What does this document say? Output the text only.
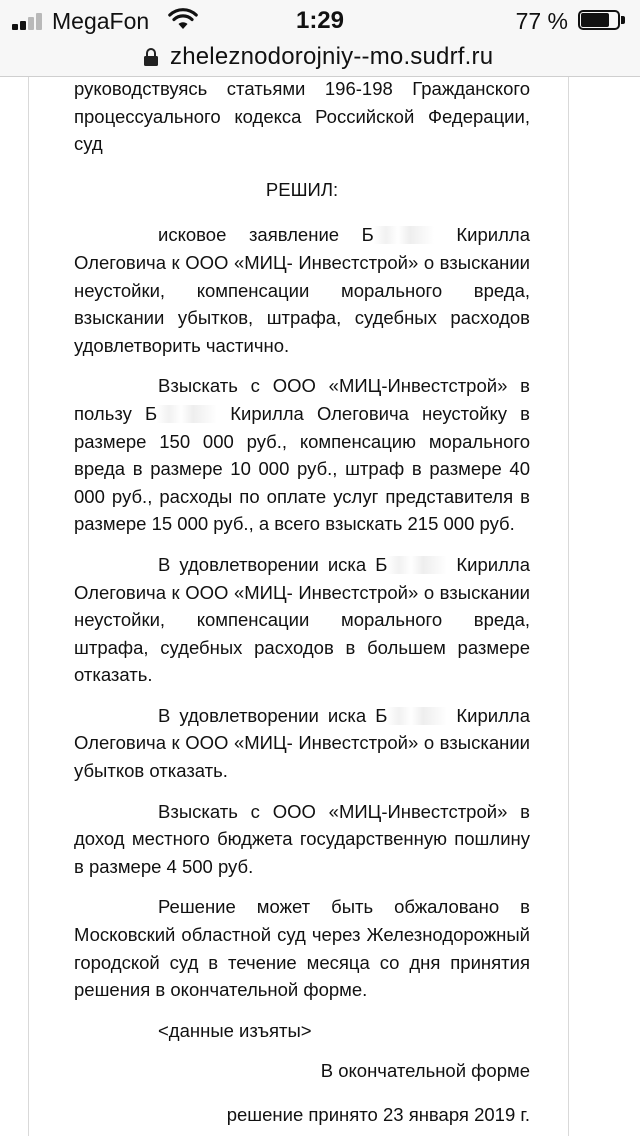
MegaFon	1:29	77 %
zheleznodorojniy--mo.sudrf.ru

руководствуясь статьями 196-198 Гражданского процессуального кодекса Российской Федерации, суд

РЕШИЛ:

исковое заявление Б	Кирилла Олеговича к ООО «МИЦ- Инвестстрой» о взыскании неустойки, компенсации морального вреда, взыскании убытков, штрафа, судебных расходов удовлетворить частично.

Взыскать с ООО «МИЦ-Инвестстрой» в пользу Б	Кирилла Олеговича неустойку в размере 150 000 руб., компенсацию морального вреда в размере 10 000 руб., штраф в размере 40 000 руб., расходы по оплате услуг представителя в размере 15 000 руб., а всего взыскать 215 000 руб.

В удовлетворении иска Б	Кирилла Олеговича к ООО «МИЦ- Инвестстрой» о взыскании неустойки, компенсации морального вреда, штрафа, судебных расходов в большем размере отказать.

В удовлетворении иска Б	Кирилла Олеговича к ООО «МИЦ- Инвестстрой» о взыскании убытков отказать.

Взыскать с ООО «МИЦ-Инвестстрой» в доход местного бюджета государственную пошлину в размере 4 500 руб.

Решение может быть обжаловано в Московский областной суд через Железнодорожный городской суд в течение месяца со дня принятия решения в окончательной форме.

<данные изъяты>

В окончательной форме

решение принято 23 января 2019 г.
